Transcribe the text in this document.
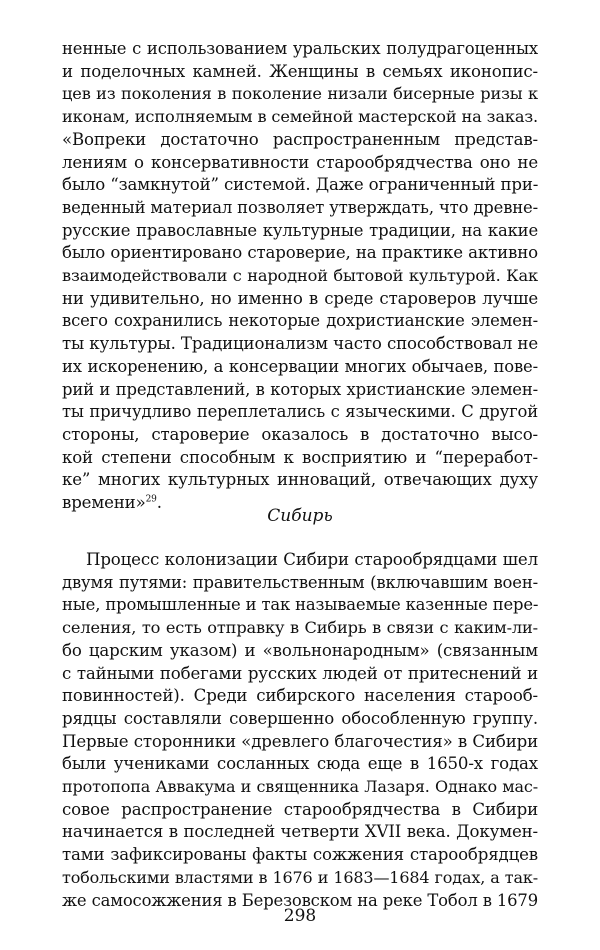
ненные с использованием уральских полудрагоценных
и поделочных камней. Женщины в семьях иконопис-
цев из поколения в поколение низали бисерные ризы к
иконам, исполняемым в семейной мастерской на заказ.
«Вопреки достаточно распространенным представ-
лениям о консервативности старообрядчества оно не
было “замкнутой” системой. Даже ограниченный при-
веденный материал позволяет утверждать, что древне-
русские православные культурные традиции, на какие
было ориентировано староверие, на практике активно
взаимодействовали с народной бытовой культурой. Как
ни удивительно, но именно в среде староверов лучше
всего сохранились некоторые дохристианские элемен-
ты культуры. Традиционализм часто способствовал не
их искоренению, а консервации многих обычаев, пове-
рий и представлений, в которых христианские элемен-
ты причудливо переплетались с языческими. С другой
стороны, староверие оказалось в достаточно высо-
кой степени способным к восприятию и “переработ-
ке” многих культурных инноваций, отвечающих духу
времени»$^{29}$.
Сибирь
Процесс колонизации Сибири старообрядцами шел
двумя путями: правительственным (включавшим воен-
ные, промышленные и так называемые казенные пере-
селения, то есть отправку в Сибирь в связи с каким-ли-
бо царским указом) и «вольнонародным» (связанным
с тайными побегами русских людей от притеснений и
повинностей). Среди сибирского населения старооб-
рядцы составляли совершенно обособленную группу.
Первые сторонники «древлего благочестия» в Сибири
были учениками сосланных сюда еще в 1650-х годах
протопопа Аввакума и священника Лазаря. Однако мас-
совое распространение старообрядчества в Сибири
начинается в последней четверти XVII века. Докумен-
тами зафиксированы факты сожжения старообрядцев
тобольскими властями в 1676 и 1683—1684 годах, а так-
же самосожжения в Березовском на реке Тобол в 1679
298
